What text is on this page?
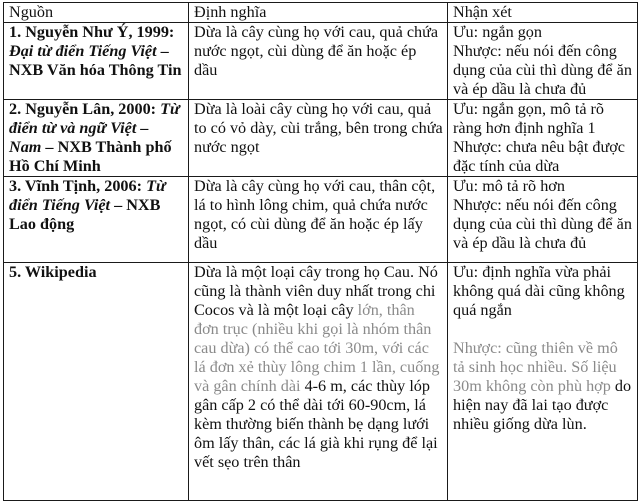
Nguồn	Định nghĩa	Nhận xét
1. Nguyễn Như Ý, 1999: Đại từ điển Tiếng Việt – NXB Văn hóa Thông Tin	Dừa là cây cùng họ với cau, quả chứa nước ngọt, cùi dùng để ăn hoặc ép dầu	Ưu: ngắn gọn
Nhược: nếu nói đến công dụng của cùi thì dùng để ăn và ép dầu là chưa đủ

2. Nguyễn Lân, 2000: Từ điển từ và ngữ Việt – Nam – NXB Thành phố Hồ Chí Minh	Dừa là loài cây cùng họ với cau, quả to có vỏ dày, cùi trắng, bên trong chứa nước ngọt	Ưu: ngắn gọn, mô tả rõ ràng hơn định nghĩa 1
Nhược: chưa nêu bật được đặc tính của dừa

3. Vĩnh Tịnh, 2006: Từ điển Tiếng Việt – NXB Lao động	Dừa là cây cùng họ với cau, thân cột, lá to hình lông chim, quả chứa nước ngọt, có cùi dùng để ăn hoặc ép lấy dầu	Ưu: mô tả rõ hơn
Nhược: nếu nói đến công dụng của cùi thì dùng để ăn và ép dầu là chưa đủ

5. Wikipedia	Dừa là một loại cây trong họ Cau. Nó cũng là thành viên duy nhất trong chi Cocos và là một loại cây lớn, thân đơn trục (nhiều khi gọi là nhóm thân cau dừa) có thể cao tới 30m, với các lá đơn xẻ thùy lông chim 1 lần, cuống và gân chính dài 4-6 m, các thùy lóp gân cấp 2 có thể dài tới 60-90cm, lá kèm thường biến thành bẹ dạng lưới ôm lấy thân, các lá già khi rụng để lại vết sẹo trên thân	Ưu: định nghĩa vừa phải không quá dài cũng không quá ngắn
Nhược: cũng thiên về mô tả sinh học nhiều. Số liệu 30m không còn phù hợp do hiện nay đã lai tạo được nhiều giống dừa lùn.
